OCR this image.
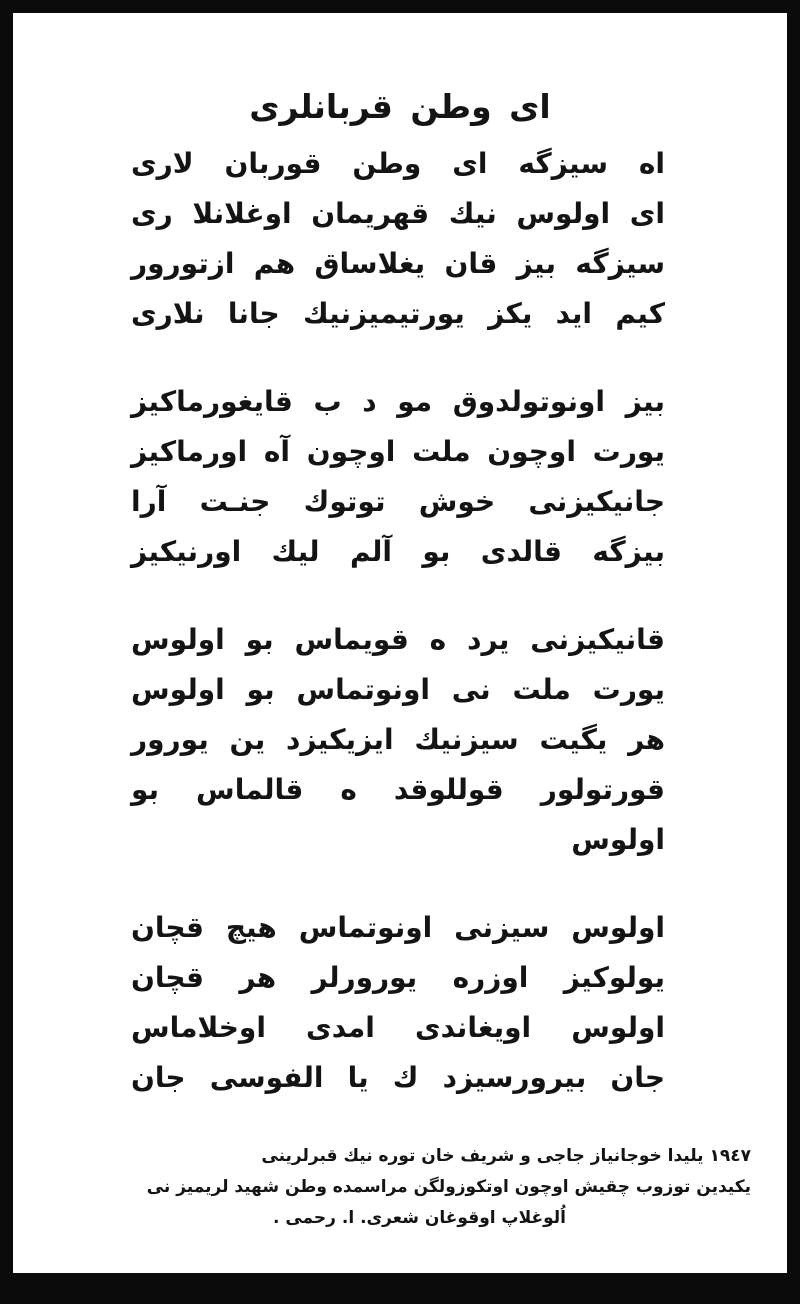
ای وطن قربانلری
اه سیزگه ای وطن قوربان لاری
ای اولوس نیك قهریمان اوغلانلا ری
سیزگه بیز قان یغلاساق هم ازتورور
کیم اید یکز یورتیمیزنیك جانا نلاری
بیز اونوتولدوق مو د ب قایغورماکیز
یورت اوچون ملت اوچون آه اورماکیز
جانیکیزنی خوش توتوك جنـت آرا
بیزگه قالدی بو آلم لیك اورنیکیز
قانیکیزنی یرد ه قویماس بو اولوس
یورت ملت نی اونوتماس بو اولوس
هر یگیت سیزنیك ایزیکیزد ین یورور
قورتولور قوللوقد ه قالماس بو اولوس
اولوس سیزنی اونوتماس هیچ قچان
یولوکیز اوزره یورورلر هر قچان
اولوس اویغاندی امدی اوخلاماس
جان بیرورسیزد ك یا الفوسی جان
١٩٤٧ یلیدا خوجانیاز جاجی و شریف خان توره نیك قبرلرینی
یکیدین توزوب چقیش اوچون اوتکوزولگن مراسمده وطن شهید لریمیز نی
اُلوغلاپ اوقوغان شعری. ا. رحمی .
